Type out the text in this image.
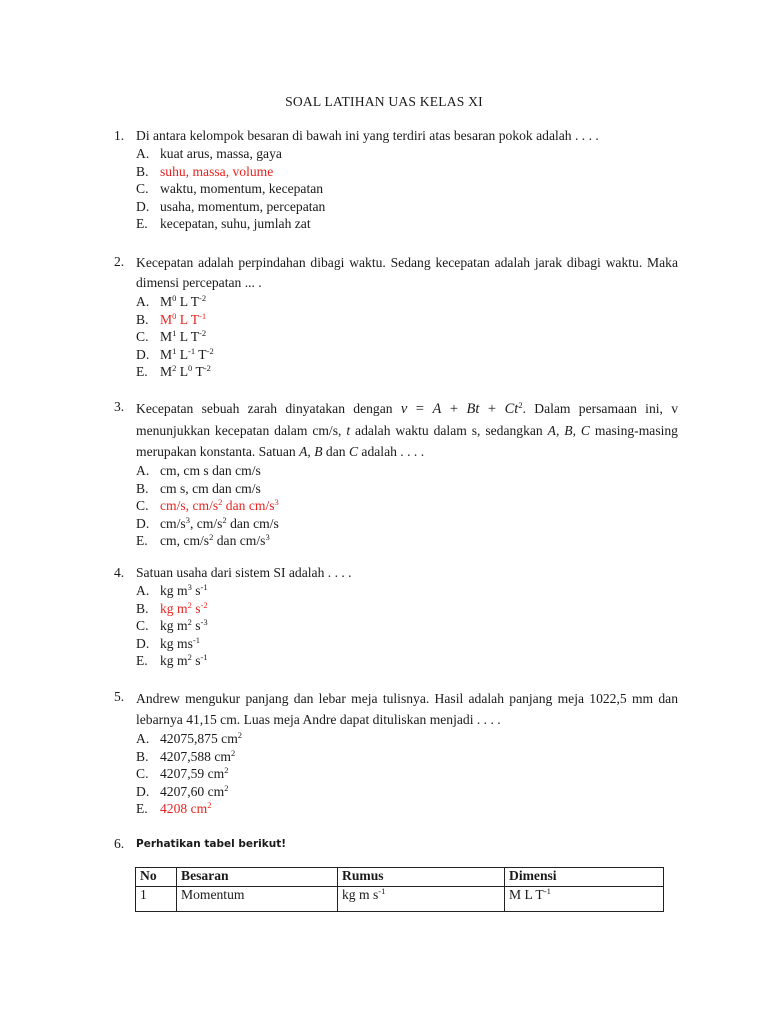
SOAL LATIHAN UAS KELAS XI
1. Di antara kelompok besaran di bawah ini yang terdiri atas besaran pokok adalah . . . .
A. kuat arus, massa, gaya
B. suhu, massa, volume
C. waktu, momentum, kecepatan
D. usaha, momentum, percepatan
E. kecepatan, suhu, jumlah zat
2. Kecepatan adalah perpindahan dibagi waktu. Sedang kecepatan adalah jarak dibagi waktu. Maka dimensi percepatan ... .
A. $M^0$ L $T^{-2}$
B. $M^0$ L $T^{-1}$
C. $M^1$ L $T^{-2}$
D. $M^1$ $L^{-1}$ $T^{-2}$
E. $M^2$ $L^0$ $T^{-2}$
3. Kecepatan sebuah zarah dinyatakan dengan $v = A + Bt + Ct^2$. Dalam persamaan ini, v menunjukkan kecepatan dalam cm/s, t adalah waktu dalam s, sedangkan A, B, C masing-masing merupakan konstanta. Satuan A, B dan C adalah . . . .
A. cm, cm s dan cm/s
B. cm s, cm dan cm/s
C. cm/s, $cm/s^2$ dan $cm/s^3$
D. $cm/s^3$, $cm/s^2$ dan cm/s
E. cm, $cm/s^2$ dan $cm/s^3$
4. Satuan usaha dari sistem SI adalah . . . .
A. kg $m^3$ $s^{-1}$
B. kg $m^2$ $s^{-2}$
C. kg $m^2$ $s^{-3}$
D. kg $ms^{-1}$
E. kg $m^2$ $s^{-1}$
5. Andrew mengukur panjang dan lebar meja tulisnya. Hasil adalah panjang meja 1022,5 mm dan lebarnya 41,15 cm. Luas meja Andre dapat dituliskan menjadi . . . .
A. 42075,875 $cm^2$
B. 4207,588 $cm^2$
C. 4207,59 $cm^2$
D. 4207,60 $cm^2$
E. 4208 $cm^2$
6.	Perhatikan tabel berikut!
No	Besaran	Rumus	Dimensi
1	Momentum	kg m $s^{-1}$	M L $T^{-1}$
